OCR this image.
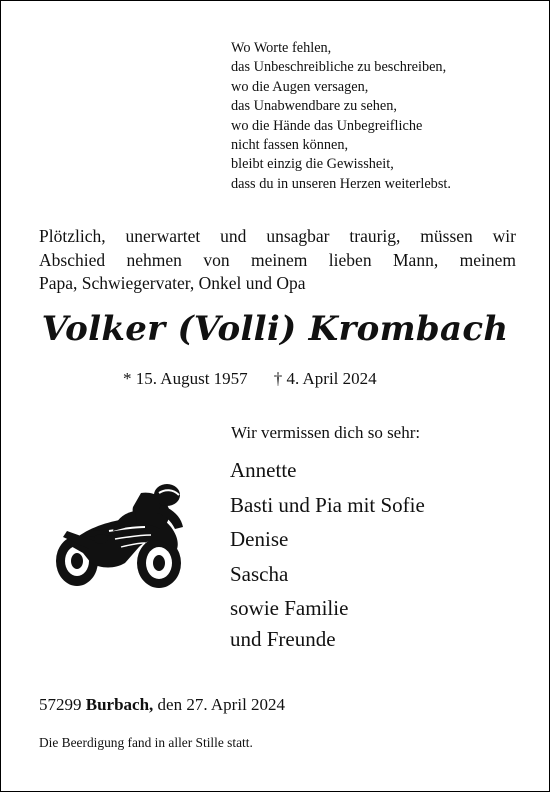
Wo Worte fehlen,
das Unbeschreibliche zu beschreiben,
wo die Augen versagen,
das Unabwendbare zu sehen,
wo die Hände das Unbegreifliche
nicht fassen können,
bleibt einzig die Gewissheit,
dass du in unseren Herzen weiterlebst.
Plötzlich, unerwartet und unsagbar traurig, müssen wir
Abschied nehmen von meinem lieben Mann, meinem
Papa, Schwiegervater, Onkel und Opa
Volker (Volli) Krombach
* 15. August 1957 † 4. April 2024
Wir vermissen dich so sehr:
Annette
Basti und Pia mit Sofie
Denise
Sascha
sowie Familie
und Freunde
57299 Burbach, den 27. April 2024
Die Beerdigung fand in aller Stille statt.
